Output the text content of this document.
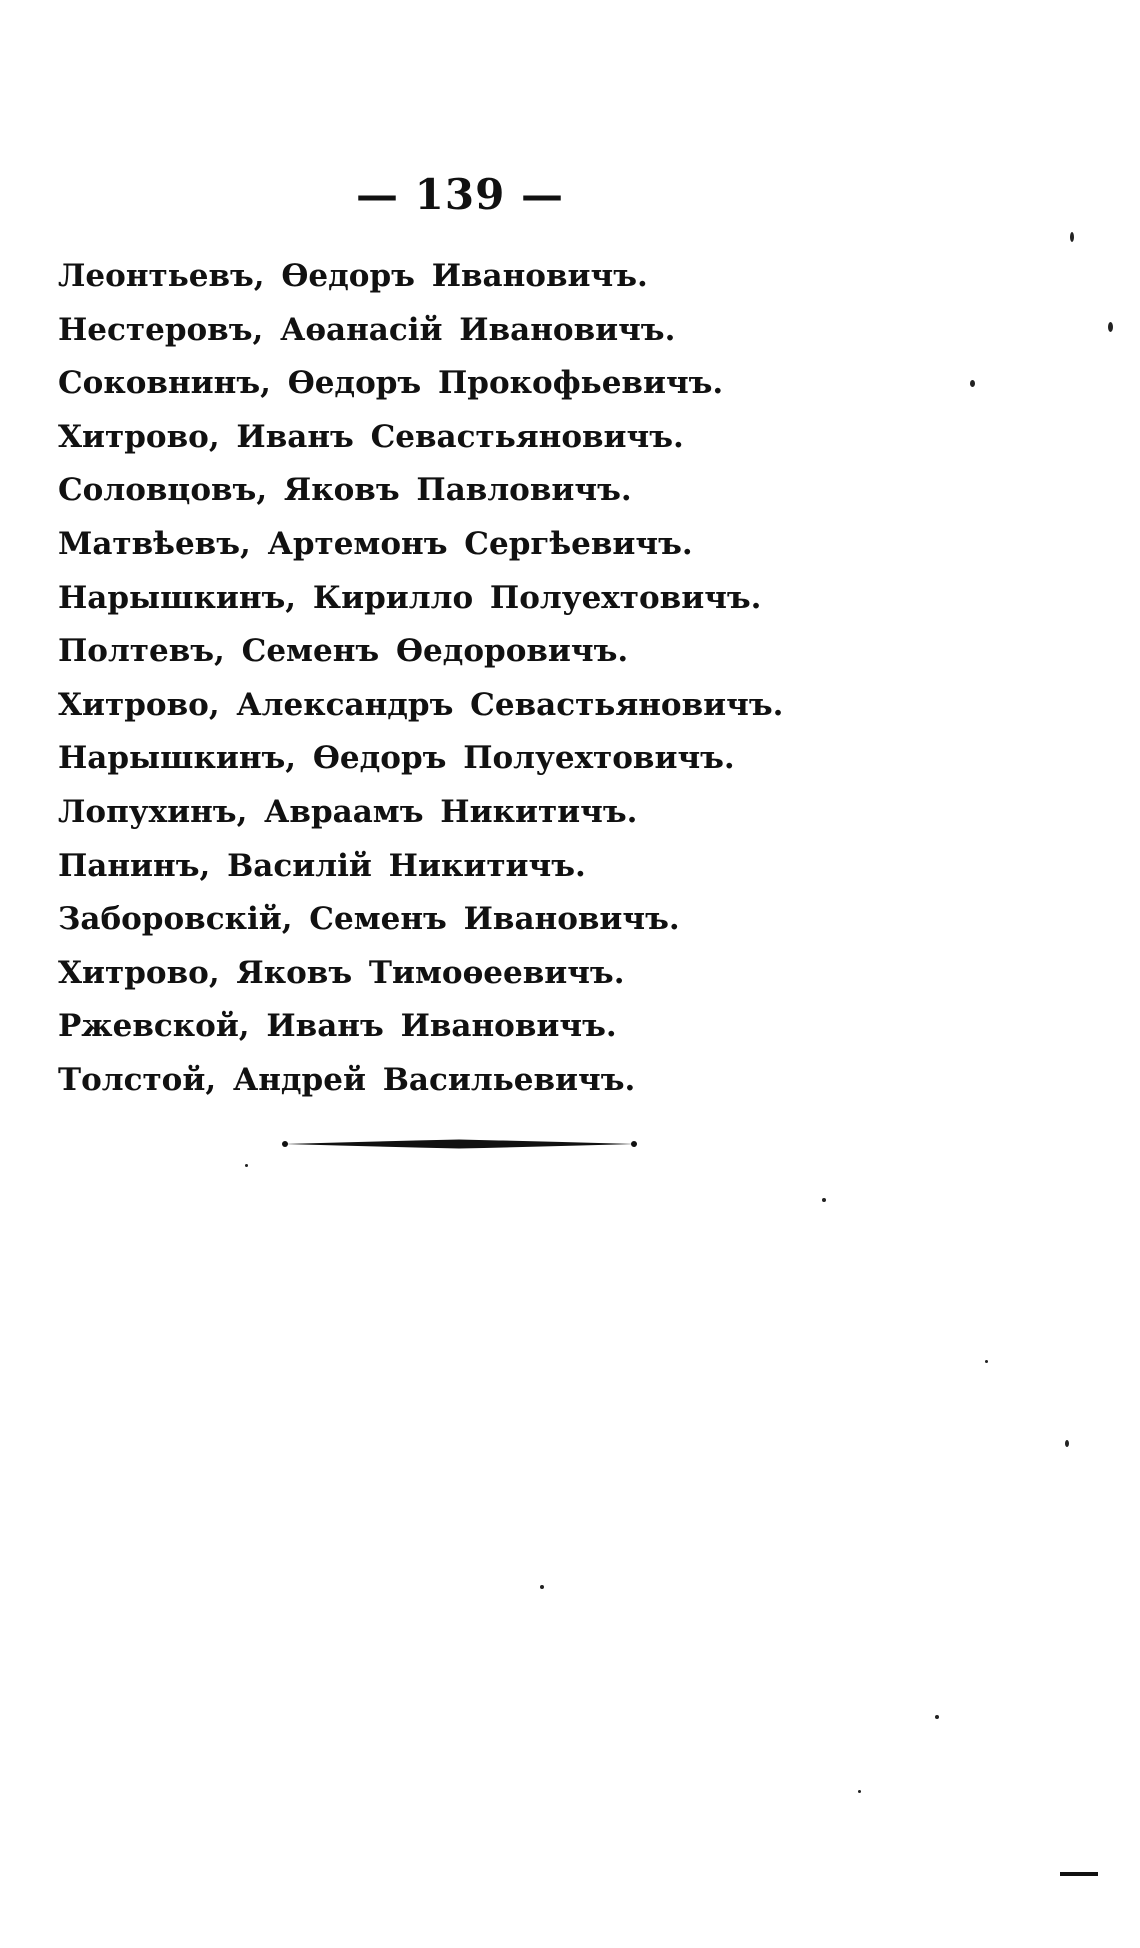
— 139 —
Леонтьевъ, Өедоръ Ивановичъ.
Нестеровъ, Аөанасій Ивановичъ.
Соковнинъ, Өедоръ Прокофьевичъ.
Хитрово, Иванъ Севастьяновичъ.
Соловцовъ, Яковъ Павловичъ.
Матвѣевъ, Артемонъ Сергѣевичъ.
Нарышкинъ, Кирилло Полуехтовичъ.
Полтевъ, Семенъ Өедоровичъ.
Хитрово, Александръ Севастьяновичъ.
Нарышкинъ, Өедоръ Полуехтовичъ.
Лопухинъ, Авраамъ Никитичъ.
Панинъ, Василій Никитичъ.
Заборовскій, Семенъ Ивановичъ.
Хитрово, Яковъ Тимоөеевичъ.
Ржевской, Иванъ Ивановичъ.
Толстой, Андрей Васильевичъ.
